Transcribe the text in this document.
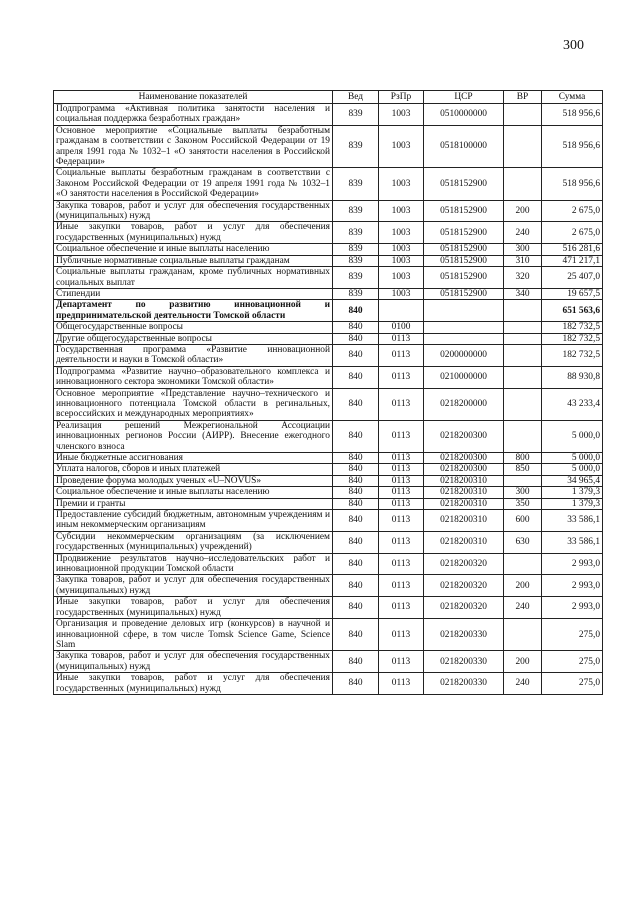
300
Наименование показателей	Вед	РзПр	ЦСР	ВР	Сумма
Подпрограмма «Активная политика занятости населения и социальная поддержка безработных граждан»	839	1003	0510000000		518 956,6
Основное мероприятие «Социальные выплаты безработным гражданам в соответствии с Законом Российской Федерации от 19 апреля 1991 года № 1032–1 «О занятости населения в Российской Федерации»	839	1003	0518100000		518 956,6
Социальные выплаты безработным гражданам в соответствии с Законом Российской Федерации от 19 апреля 1991 года № 1032–1 «О занятости населения в Российской Федерации»	839	1003	0518152900		518 956,6
Закупка товаров, работ и услуг для обеспечения государственных (муниципальных) нужд	839	1003	0518152900	200	2 675,0
Иные закупки товаров, работ и услуг для обеспечения государственных (муниципальных) нужд	839	1003	0518152900	240	2 675,0
Социальное обеспечение и иные выплаты населению	839	1003	0518152900	300	516 281,6
Публичные нормативные социальные выплаты гражданам	839	1003	0518152900	310	471 217,1
Социальные выплаты гражданам, кроме публичных нормативных социальных выплат	839	1003	0518152900	320	25 407,0
Стипендии	839	1003	0518152900	340	19 657,5
Департамент по развитию инновационной и предпринимательской деятельности Томской области	840				651 563,6
Общегосударственные вопросы	840	0100			182 732,5
Другие общегосударственные вопросы	840	0113			182 732,5
Государственная программа «Развитие инновационной деятельности и науки в Томской области»	840	0113	0200000000		182 732,5
Подпрограмма «Развитие научно–образовательного комплекса и инновационного сектора экономики Томской области»	840	0113	0210000000		88 930,8
Основное мероприятие «Представление научно–технического и инновационного потенциала Томской области в регинальных, всероссийских и международных мероприятиях»	840	0113	0218200000		43 233,4
Реализация решений Межрегиональной Ассоциации инновационных регионов России (АИРР). Внесение ежегодного членского взноса	840	0113	0218200300		5 000,0
Иные бюджетные ассигнования	840	0113	0218200300	800	5 000,0
Уплата налогов, сборов и иных платежей	840	0113	0218200300	850	5 000,0
Проведение форума молодых ученых «U–NOVUS»	840	0113	0218200310		34 965,4
Социальное обеспечение и иные выплаты населению	840	0113	0218200310	300	1 379,3
Премии и гранты	840	0113	0218200310	350	1 379,3
Предоставление субсидий бюджетным, автономным учреждениям и иным некоммерческим организациям	840	0113	0218200310	600	33 586,1
Субсидии некоммерческим организациям (за исключением государственных (муниципальных) учреждений)	840	0113	0218200310	630	33 586,1
Продвижение результатов научно–исследовательских работ и инновационной продукции Томской области	840	0113	0218200320		2 993,0
Закупка товаров, работ и услуг для обеспечения государственных (муниципальных) нужд	840	0113	0218200320	200	2 993,0
Иные закупки товаров, работ и услуг для обеспечения государственных (муниципальных) нужд	840	0113	0218200320	240	2 993,0
Организация и проведение деловых игр (конкурсов) в научной и инновационной сфере, в том числе Tomsk Science Game, Science Slam	840	0113	0218200330		275,0
Закупка товаров, работ и услуг для обеспечения государственных (муниципальных) нужд	840	0113	0218200330	200	275,0
Иные закупки товаров, работ и услуг для обеспечения государственных (муниципальных) нужд	840	0113	0218200330	240	275,0
